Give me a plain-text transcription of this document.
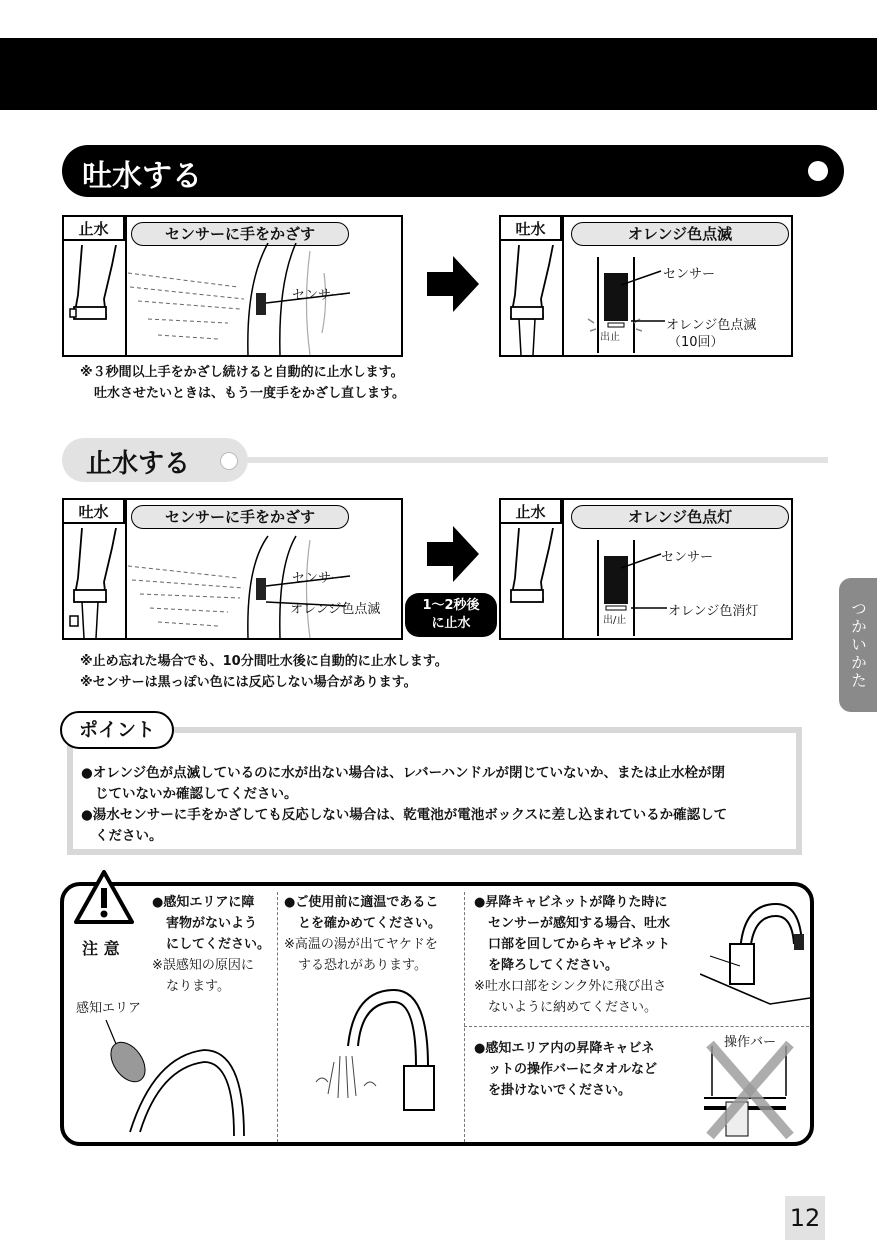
吐水する
止水	センサーに手をかざす
センサー
吐水	オレンジ色点滅
出止
センサー
オレンジ色点滅
（10回）
※３秒間以上手をかざし続けると自動的に止水します。
吐水させたいときは、もう一度手をかざし直します。
止水する
吐水	センサーに手をかざす
センサー
オレンジ色点滅	1～2秒後
に止水
止水	オレンジ色点灯
出/止
センサー
オレンジ色消灯
※止め忘れた場合でも、10分間吐水後に自動的に止水します。
※センサーは黒っぽい色には反応しない場合があります。	つかいかた
●オレンジ色が点滅しているのに水が出ない場合は、レバーハンドルが閉じていないか、または止水栓が閉
じていないか確認してください。
●湯水センサーに手をかざしても反応しない場合は、乾電池が電池ボックスに差し込まれているか確認して
ください。
ポイント
注 意
●感知エリアに障
害物がないよう
にしてください。
※誤感知の原因に
なります。
感知エリア
●ご使用前に適温であるこ
とを確かめてください。
※高温の湯が出てヤケドを
する恐れがあります。
●昇降キャビネットが降りた時に
センサーが感知する場合、吐水
口部を回してからキャビネット
を降ろしてください。
※吐水口部をシンク外に飛び出さ
ないように納めてください。
●感知エリア内の昇降キャビネ
ットの操作バーにタオルなど
を掛けないでください。
操作バー
12
